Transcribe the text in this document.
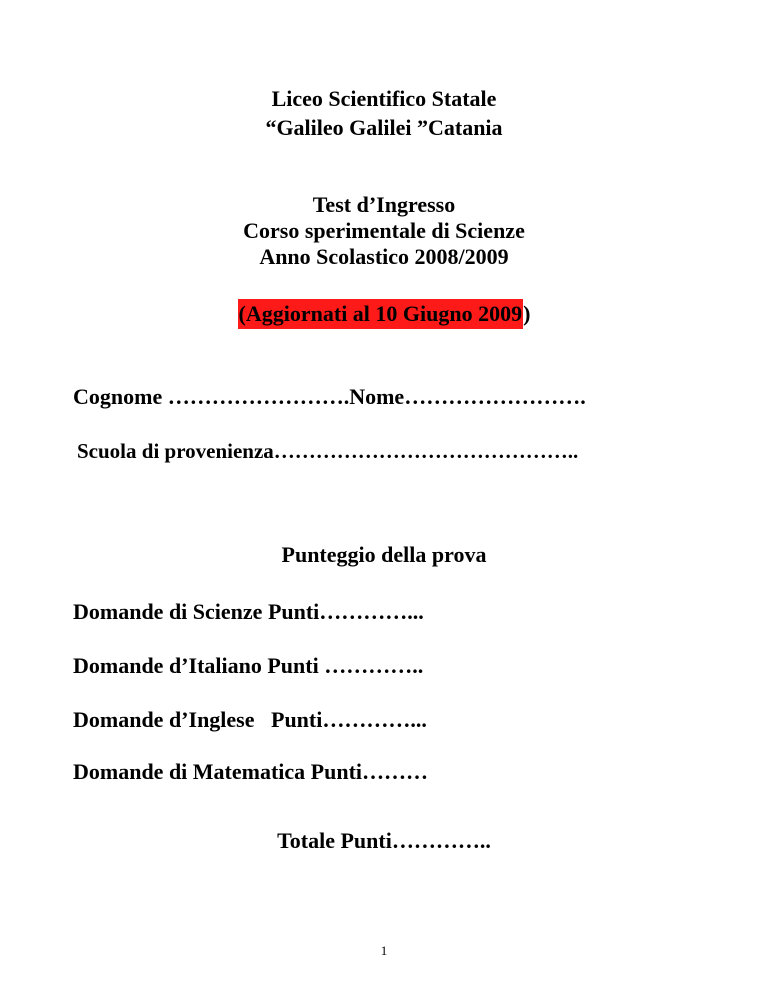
Liceo Scientifico Statale
“Galileo Galilei ”Catania
Test d’Ingresso
Corso sperimentale di Scienze
Anno Scolastico 2008/2009
(Aggiornati al 10 Giugno 2009)
Cognome …………………….Nome…………………….
Scuola di provenienza……………………………………..
Punteggio della prova
Domande di Scienze Punti…………...
Domande d’Italiano Punti …………..
Domande d’Inglese   Punti…………...
Domande di Matematica Punti………
Totale Punti…………..
1
